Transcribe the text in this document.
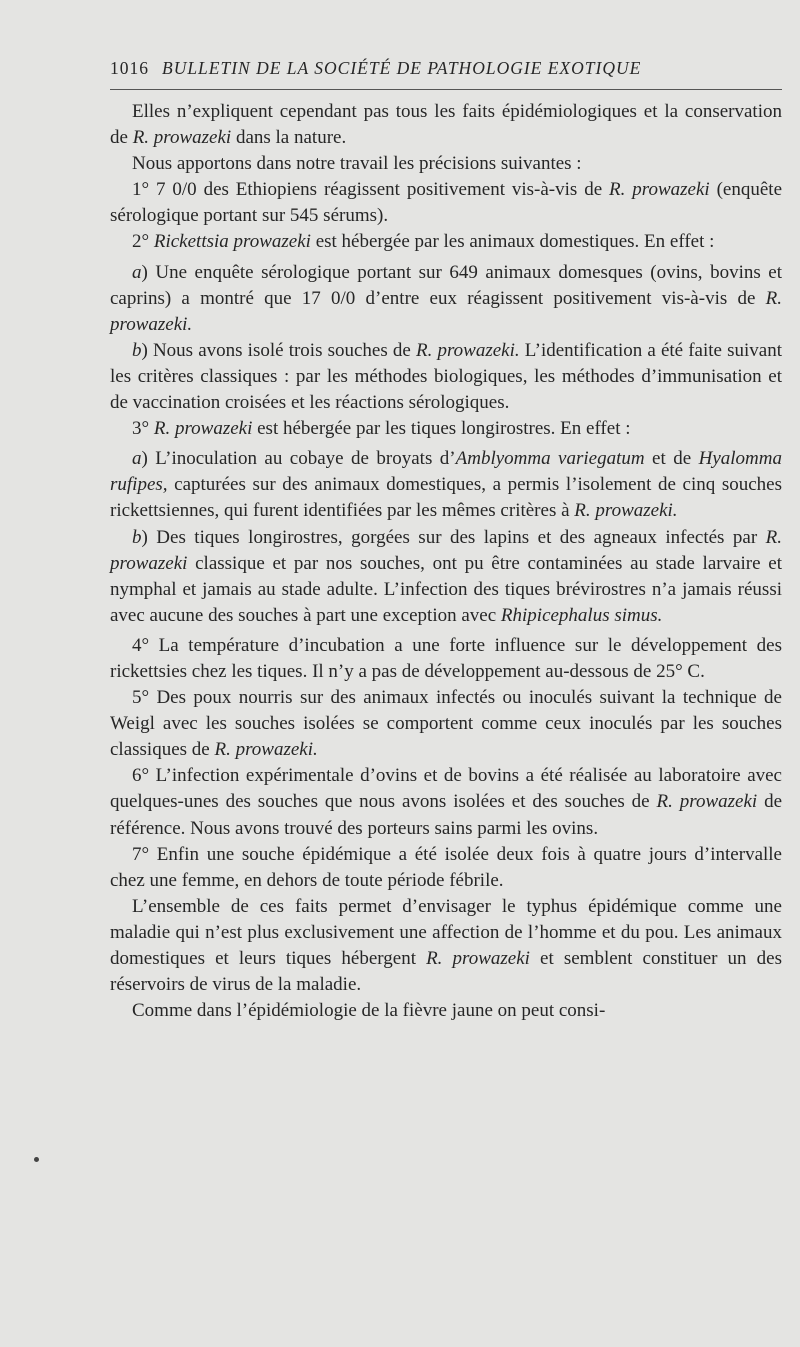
1016 BULLETIN DE LA SOCIÉTÉ DE PATHOLOGIE EXOTIQUE

Elles n’expliquent cependant pas tous les faits épidémiologiques et la conservation de R. prowazeki dans la nature.

Nous apportons dans notre travail les précisions suivantes :

1° 7 0/0 des Ethiopiens réagissent positivement vis-à-vis de R. prowazeki (enquête sérologique portant sur 545 sérums).

2° Rickettsia prowazeki est hébergée par les animaux domestiques. En effet :

a) Une enquête sérologique portant sur 649 animaux domesques (ovins, bovins et caprins) a montré que 17 0/0 d’entre eux réagissent positivement vis-à-vis de R. prowazeki.

b) Nous avons isolé trois souches de R. prowazeki. L’identification a été faite suivant les critères classiques : par les méthodes biologiques, les méthodes d’immunisation et de vaccination croisées et les réactions sérologiques.

3° R. prowazeki est hébergée par les tiques longirostres. En effet :

a) L’inoculation au cobaye de broyats d’Amblyomma variegatum et de Hyalomma rufipes, capturées sur des animaux domestiques, a permis l’isolement de cinq souches rickettsiennes, qui furent identifiées par les mêmes critères à R. prowazeki.

b) Des tiques longirostres, gorgées sur des lapins et des agneaux infectés par R. prowazeki classique et par nos souches, ont pu être contaminées au stade larvaire et nymphal et jamais au stade adulte. L’infection des tiques brévirostres n’a jamais réussi avec aucune des souches à part une exception avec Rhipicephalus simus.

4° La température d’incubation a une forte influence sur le développement des rickettsies chez les tiques. Il n’y a pas de développement au-dessous de 25° C.

5° Des poux nourris sur des animaux infectés ou inoculés suivant la technique de Weigl avec les souches isolées se comportent comme ceux inoculés par les souches classiques de R. prowazeki.

6° L’infection expérimentale d’ovins et de bovins a été réalisée au laboratoire avec quelques-unes des souches que nous avons isolées et des souches de R. prowazeki de référence. Nous avons trouvé des porteurs sains parmi les ovins.

7° Enfin une souche épidémique a été isolée deux fois à quatre jours d’intervalle chez une femme, en dehors de toute période fébrile.

L’ensemble de ces faits permet d’envisager le typhus épidémique comme une maladie qui n’est plus exclusivement une affection de l’homme et du pou. Les animaux domestiques et leurs tiques hébergent R. prowazeki et semblent constituer un des réservoirs de virus de la maladie.

Comme dans l’épidémiologie de la fièvre jaune on peut consi-
